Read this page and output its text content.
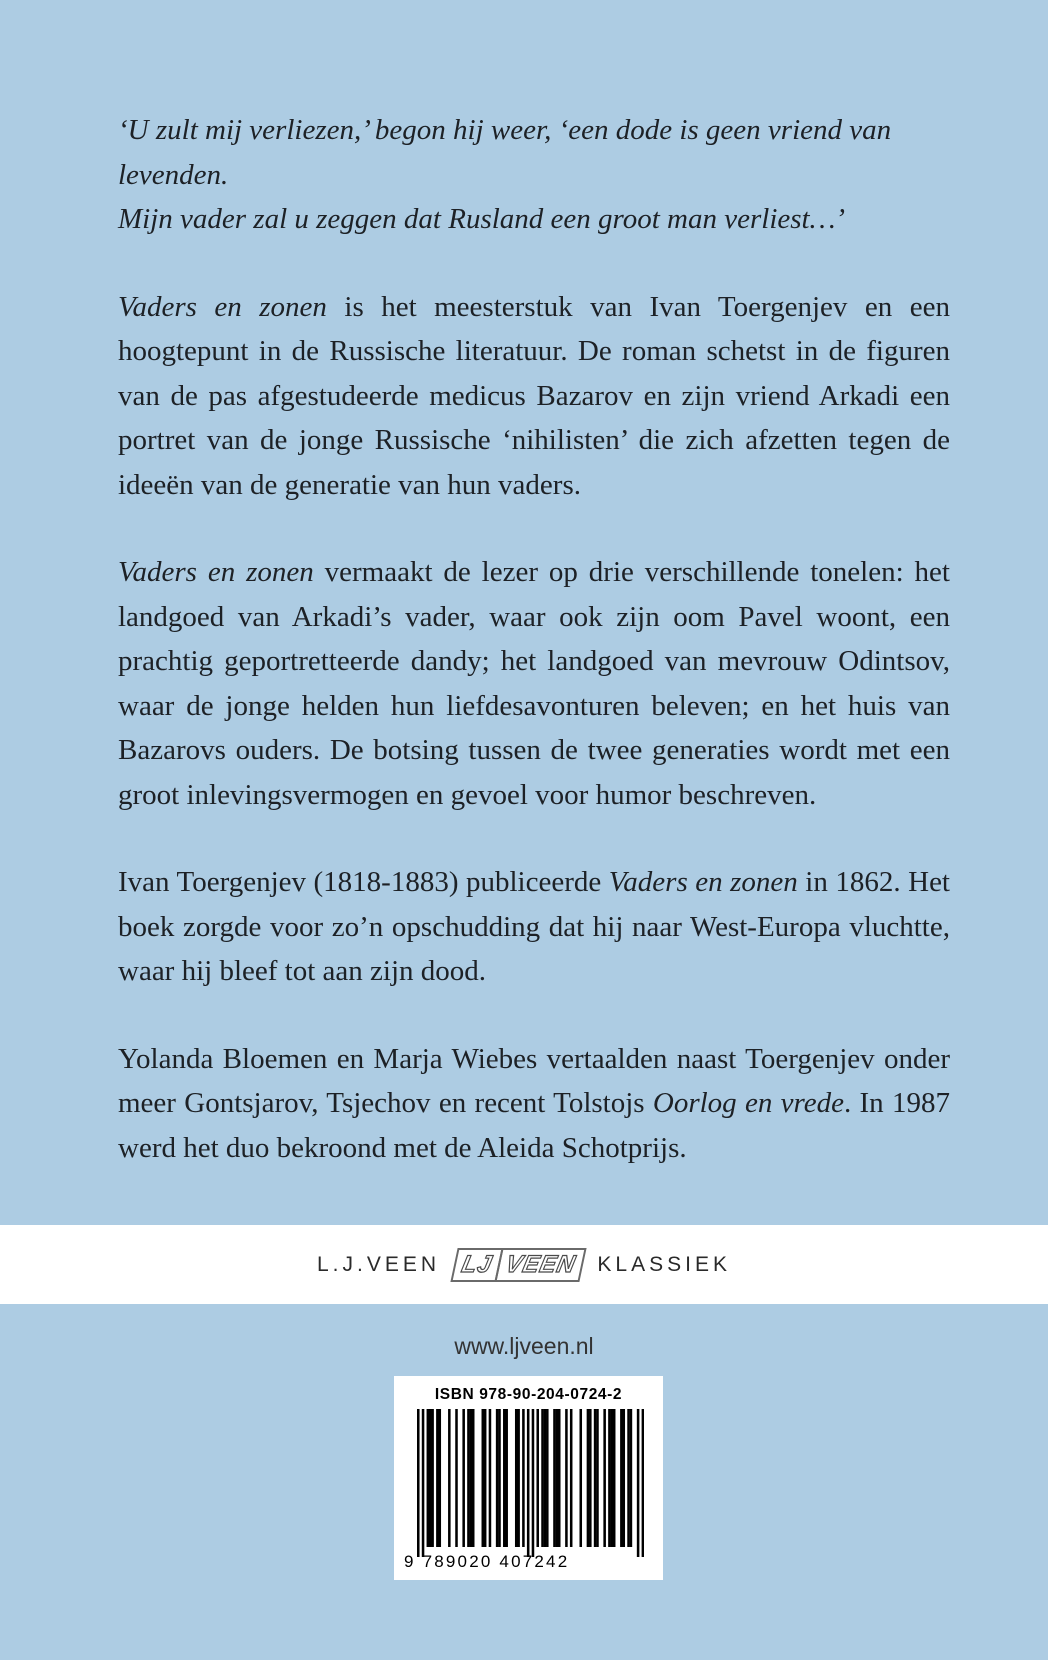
‘U zult mij verliezen,’ begon hij weer, ‘een dode is geen vriend van levenden.
Mijn vader zal u zeggen dat Rusland een groot man verliest…’

Vaders en zonen is het meesterstuk van Ivan Toergenjev en een hoogtepunt in de Russische literatuur. De roman schetst in de figuren van de pas afgestudeerde medicus Bazarov en zijn vriend Arkadi een portret van de jonge Russische ‘nihilisten’ die zich afzetten tegen de ideeën van de generatie van hun vaders.

Vaders en zonen vermaakt de lezer op drie verschillende tonelen: het landgoed van Arkadi’s vader, waar ook zijn oom Pavel woont, een prachtig geportretteerde dandy; het landgoed van mevrouw Odintsov, waar de jonge helden hun liefdesavonturen beleven; en het huis van Bazarovs ouders. De botsing tussen de twee generaties wordt met een groot inlevingsvermogen en gevoel voor humor beschreven.

Ivan Toergenjev (1818-1883) publiceerde Vaders en zonen in 1862. Het boek zorgde voor zo’n opschudding dat hij naar West-Europa vluchtte, waar hij bleef tot aan zijn dood.

Yolanda Bloemen en Marja Wiebes vertaalden naast Toergenjev onder meer Gontsjarov, Tsjechov en recent Tolstojs Oorlog en vrede. In 1987 werd het duo bekroond met de Aleida Schotprijs.

L.J.VEEN LJ VEEN KLASSIEK
www.ljveen.nl
ISBN 978-90-204-0724-2
9 789020 407242
